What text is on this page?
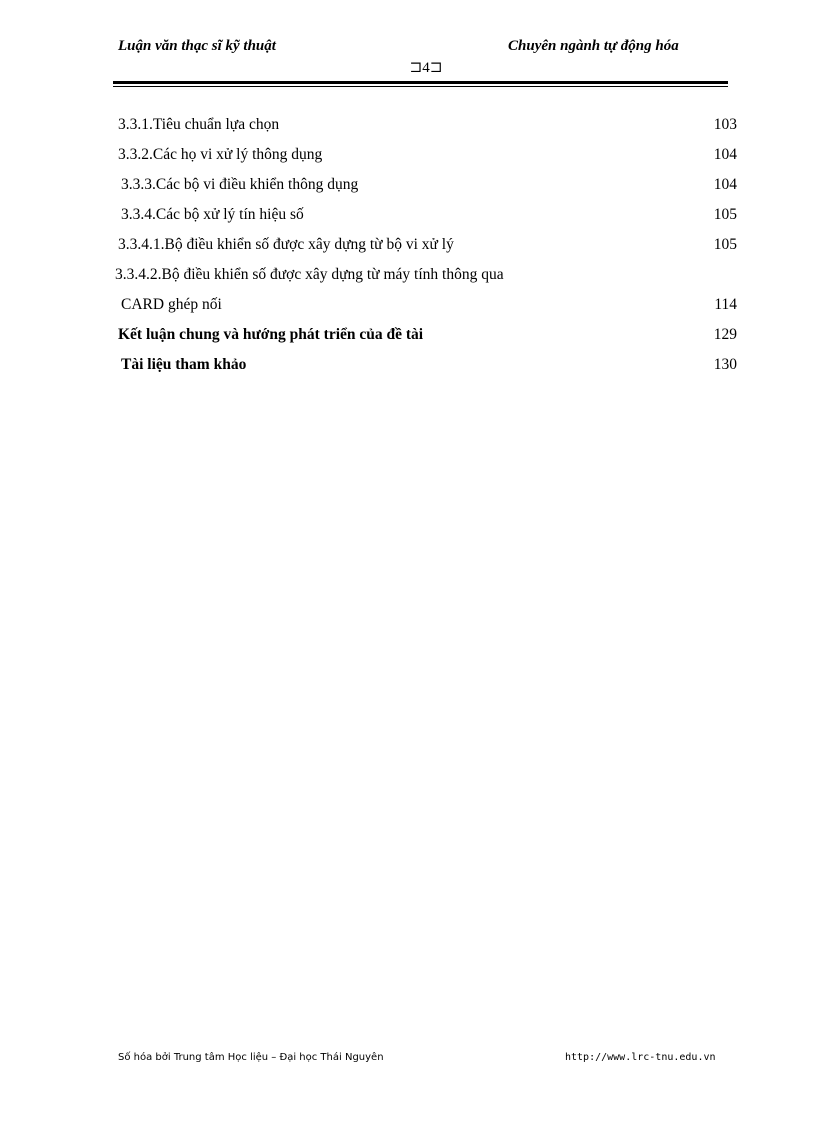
Luận văn thạc sĩ kỹ thuật	Chuyên ngành tự động hóa
⊐4⊐
3.3.1.Tiêu chuẩn lựa chọn	103
3.3.2.Các họ vi xử lý thông dụng	104
3.3.3.Các bộ vi điều khiển thông dụng	104
3.3.4.Các bộ xử lý tín hiệu số	105
3.3.4.1.Bộ điều khiển số được xây dựng từ bộ vi xử lý	105
3.3.4.2.Bộ điều khiển số được xây dựng từ máy tính thông qua
CARD ghép nối	114
Kết luận chung và hướng phát triển của đề tài	129
Tài liệu tham khảo	130
Số hóa bởi Trung tâm Học liệu – Đại học Thái Nguyên	http://www.lrc-tnu.edu.vn
